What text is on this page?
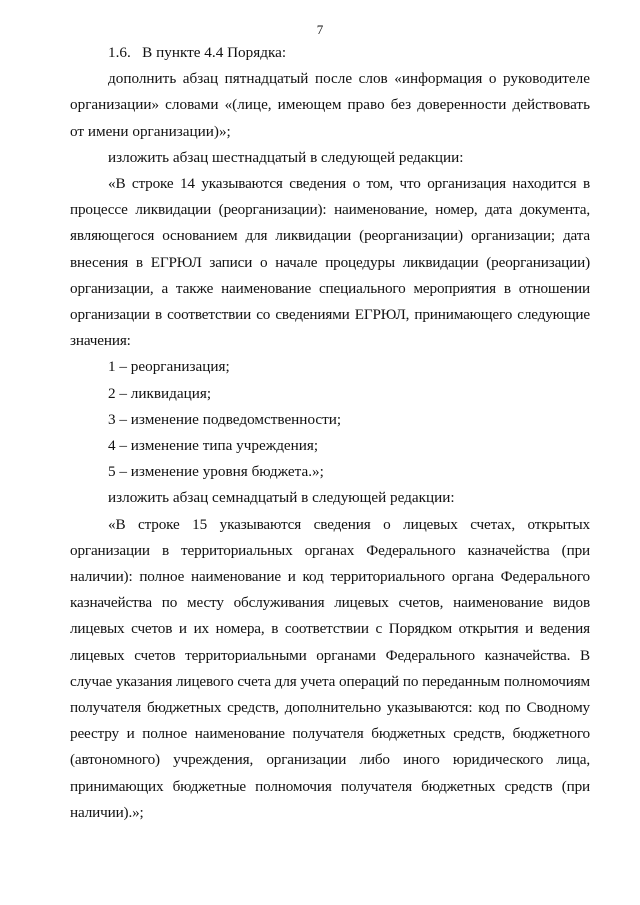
7

1.6.   В пункте 4.4 Порядка:

дополнить абзац пятнадцатый после слов «информация о руководителе организации» словами «(лице, имеющем право без доверенности действовать от имени организации)»;

изложить абзац шестнадцатый в следующей редакции:

«В строке 14 указываются сведения о том, что организация находится в процессе ликвидации (реорганизации): наименование, номер, дата документа, являющегося основанием для ликвидации (реорганизации) организации; дата внесения в ЕГРЮЛ записи о начале процедуры ликвидации (реорганизации) организации, а также наименование специального мероприятия в отношении организации в соответствии со сведениями ЕГРЮЛ, принимающего следующие значения:

1 – реорганизация;

2 – ликвидация;

3 – изменение подведомственности;

4 – изменение типа учреждения;

5 – изменение уровня бюджета.»;

изложить абзац семнадцатый в следующей редакции:

«В строке 15 указываются сведения о лицевых счетах, открытых организации в территориальных органах Федерального казначейства (при наличии): полное наименование и код территориального органа Федерального казначейства по месту обслуживания лицевых счетов, наименование видов лицевых счетов и их номера, в соответствии с Порядком открытия и ведения лицевых счетов территориальными органами Федерального казначейства. В случае указания лицевого счета для учета операций по переданным полномочиям получателя бюджетных средств, дополнительно указываются: код по Сводному реестру и полное наименование получателя бюджетных средств, бюджетного (автономного) учреждения, организации либо иного юридического лица, принимающих бюджетные полномочия получателя бюджетных средств (при наличии).»;
